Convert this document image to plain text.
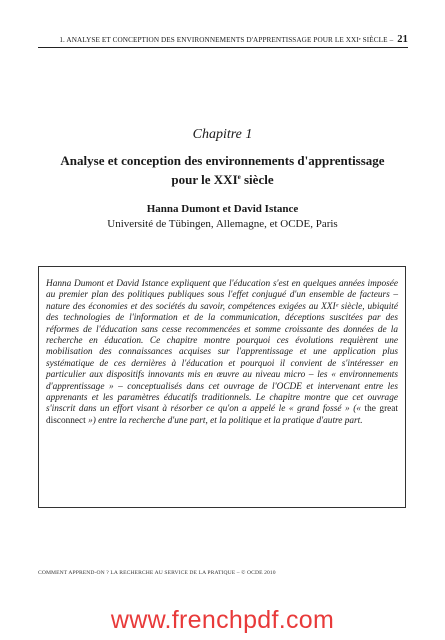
1. ANALYSE ET CONCEPTION DES ENVIRONNEMENTS D'APPRENTISSAGE POUR LE XXIᵉ SIÈCLE – 21
Chapitre 1
Analyse et conception des environnements d'apprentissage
pour le XXIe siècle
Hanna Dumont et David Istance
Université de Tübingen, Allemagne, et OCDE, Paris

Hanna Dumont et David Istance expliquent que l'éducation s'est en quelques années imposée au premier plan des politiques publiques sous l'effet conjugué d'un ensemble de facteurs – nature des économies et des sociétés du savoir, compétences exigées au XXIᵉ siècle, ubiquité des technologies de l'information et de la communication, déceptions suscitées par des réformes de l'éducation sans cesse recommencées et somme croissante des données de la recherche en éducation. Ce chapitre montre pourquoi ces évolutions requièrent une mobilisation des connaissances acquises sur l'apprentissage et une application plus systématique de ces dernières à l'éducation et pourquoi il convient de s'intéresser en particulier aux dispositifs innovants mis en œuvre au niveau micro – les « environnements d'apprentissage » – conceptualisés dans cet ouvrage de l'OCDE et intervenant entre les apprenants et les paramètres éducatifs traditionnels. Le chapitre montre que cet ouvrage s'inscrit dans un effort visant à résorber ce qu'on a appelé le « grand fossé » (« the great disconnect ») entre la recherche d'une part, et la politique et la pratique d'autre part.

COMMENT APPREND-ON ? LA RECHERCHE AU SERVICE DE LA PRATIQUE – © OCDE 2010
www.frenchpdf.com
